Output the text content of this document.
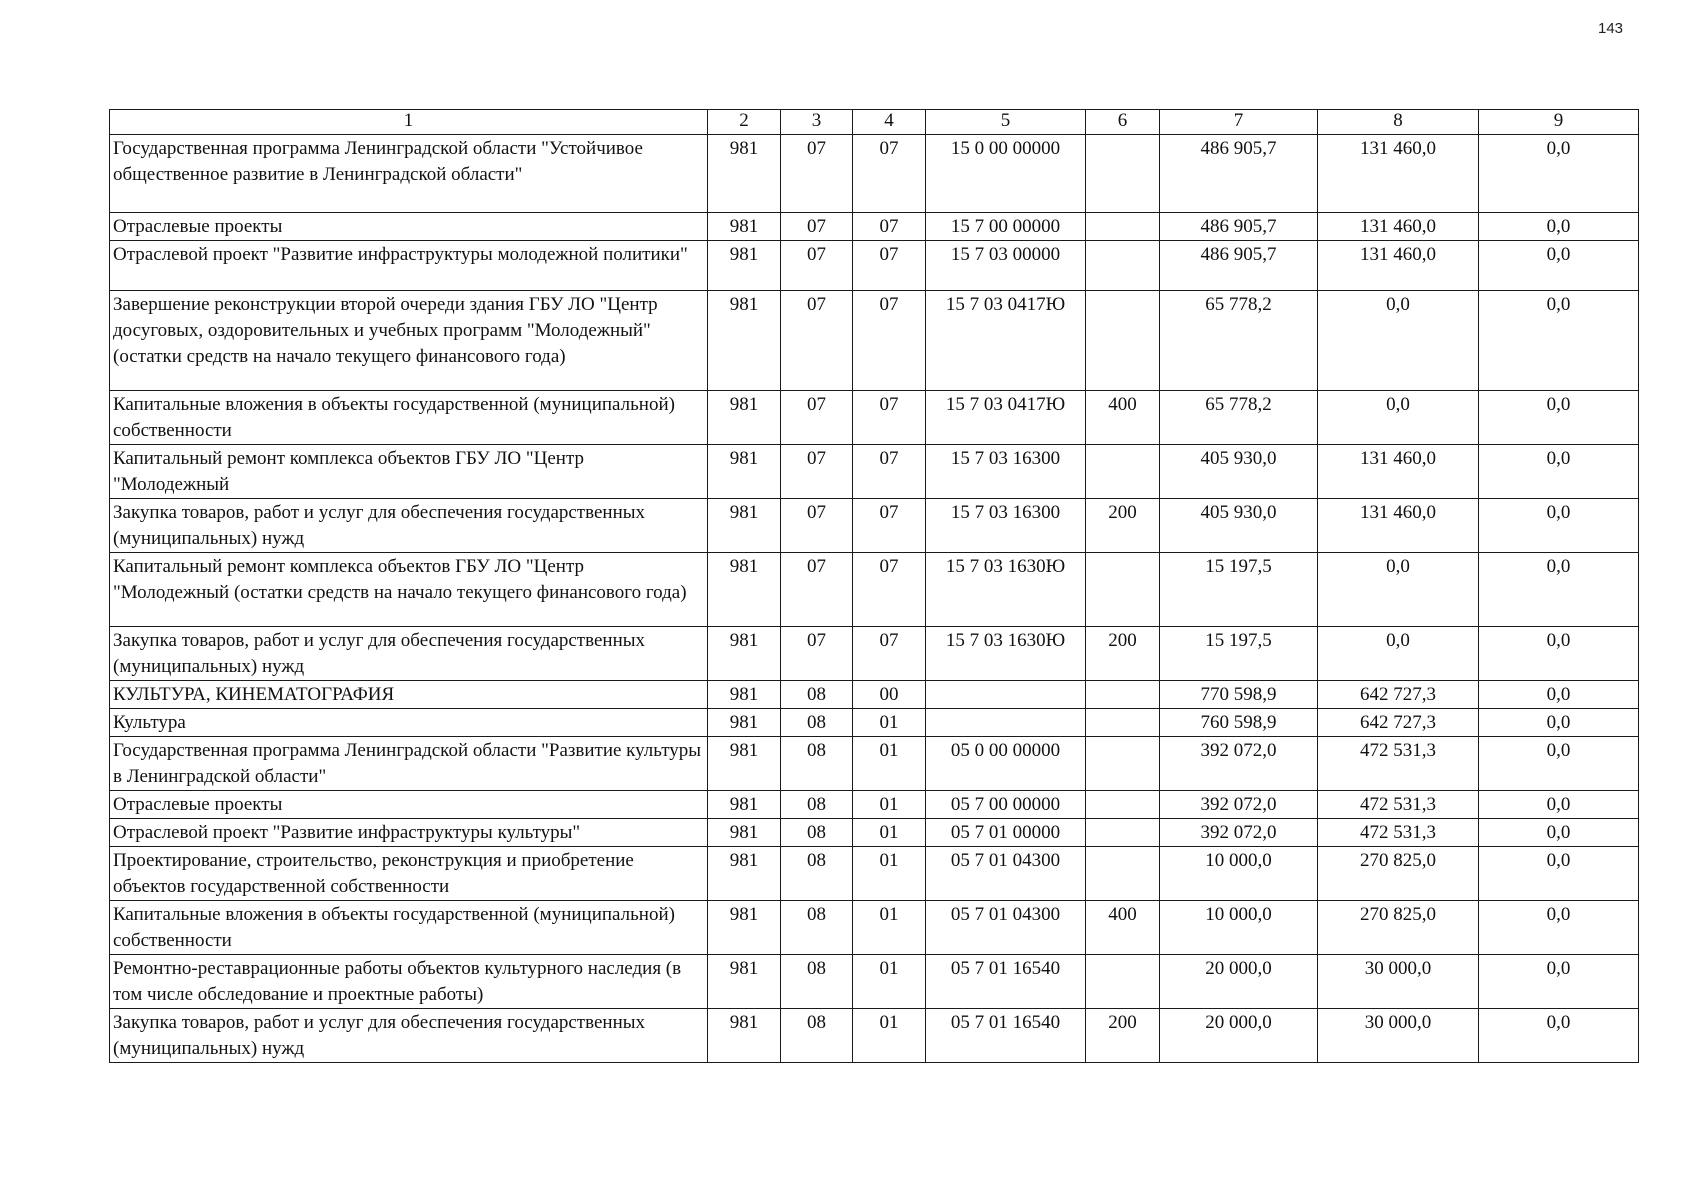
143
1	2	3	4	5	6	7	8	9
Государственная программа Ленинградской области "Устойчивое общественное развитие в Ленинградской области"	981	07	07	15 0 00 00000		486 905,7	131 460,0	0,0
Отраслевые проекты	981	07	07	15 7 00 00000		486 905,7	131 460,0	0,0
Отраслевой проект "Развитие инфраструктуры молодежной политики"	981	07	07	15 7 03 00000		486 905,7	131 460,0	0,0
Завершение реконструкции второй очереди здания ГБУ ЛО "Центр досуговых, оздоровительных и учебных программ "Молодежный" (остатки средств на начало текущего финансового года)	981	07	07	15 7 03 0417Ю		65 778,2	0,0	0,0
Капитальные вложения в объекты государственной (муниципальной) собственности	981	07	07	15 7 03 0417Ю	400	65 778,2	0,0	0,0
Капитальный ремонт комплекса объектов ГБУ ЛО "Центр "Молодежный	981	07	07	15 7 03 16300		405 930,0	131 460,0	0,0
Закупка товаров, работ и услуг для обеспечения государственных (муниципальных) нужд	981	07	07	15 7 03 16300	200	405 930,0	131 460,0	0,0
Капитальный ремонт комплекса объектов ГБУ ЛО "Центр "Молодежный (остатки средств на начало текущего финансового года)	981	07	07	15 7 03 1630Ю		15 197,5	0,0	0,0
Закупка товаров, работ и услуг для обеспечения государственных (муниципальных) нужд	981	07	07	15 7 03 1630Ю	200	15 197,5	0,0	0,0
КУЛЬТУРА, КИНЕМАТОГРАФИЯ	981	08	00			770 598,9	642 727,3	0,0
Культура	981	08	01			760 598,9	642 727,3	0,0
Государственная программа Ленинградской области "Развитие культуры в Ленинградской области"	981	08	01	05 0 00 00000		392 072,0	472 531,3	0,0
Отраслевые проекты	981	08	01	05 7 00 00000		392 072,0	472 531,3	0,0
Отраслевой проект "Развитие инфраструктуры культуры"	981	08	01	05 7 01 00000		392 072,0	472 531,3	0,0
Проектирование, строительство, реконструкция и приобретение объектов государственной собственности	981	08	01	05 7 01 04300		10 000,0	270 825,0	0,0
Капитальные вложения в объекты государственной (муниципальной) собственности	981	08	01	05 7 01 04300	400	10 000,0	270 825,0	0,0
Ремонтно-реставрационные работы объектов культурного наследия (в том числе обследование и проектные работы)	981	08	01	05 7 01 16540		20 000,0	30 000,0	0,0
Закупка товаров, работ и услуг для обеспечения государственных (муниципальных) нужд	981	08	01	05 7 01 16540	200	20 000,0	30 000,0	0,0
